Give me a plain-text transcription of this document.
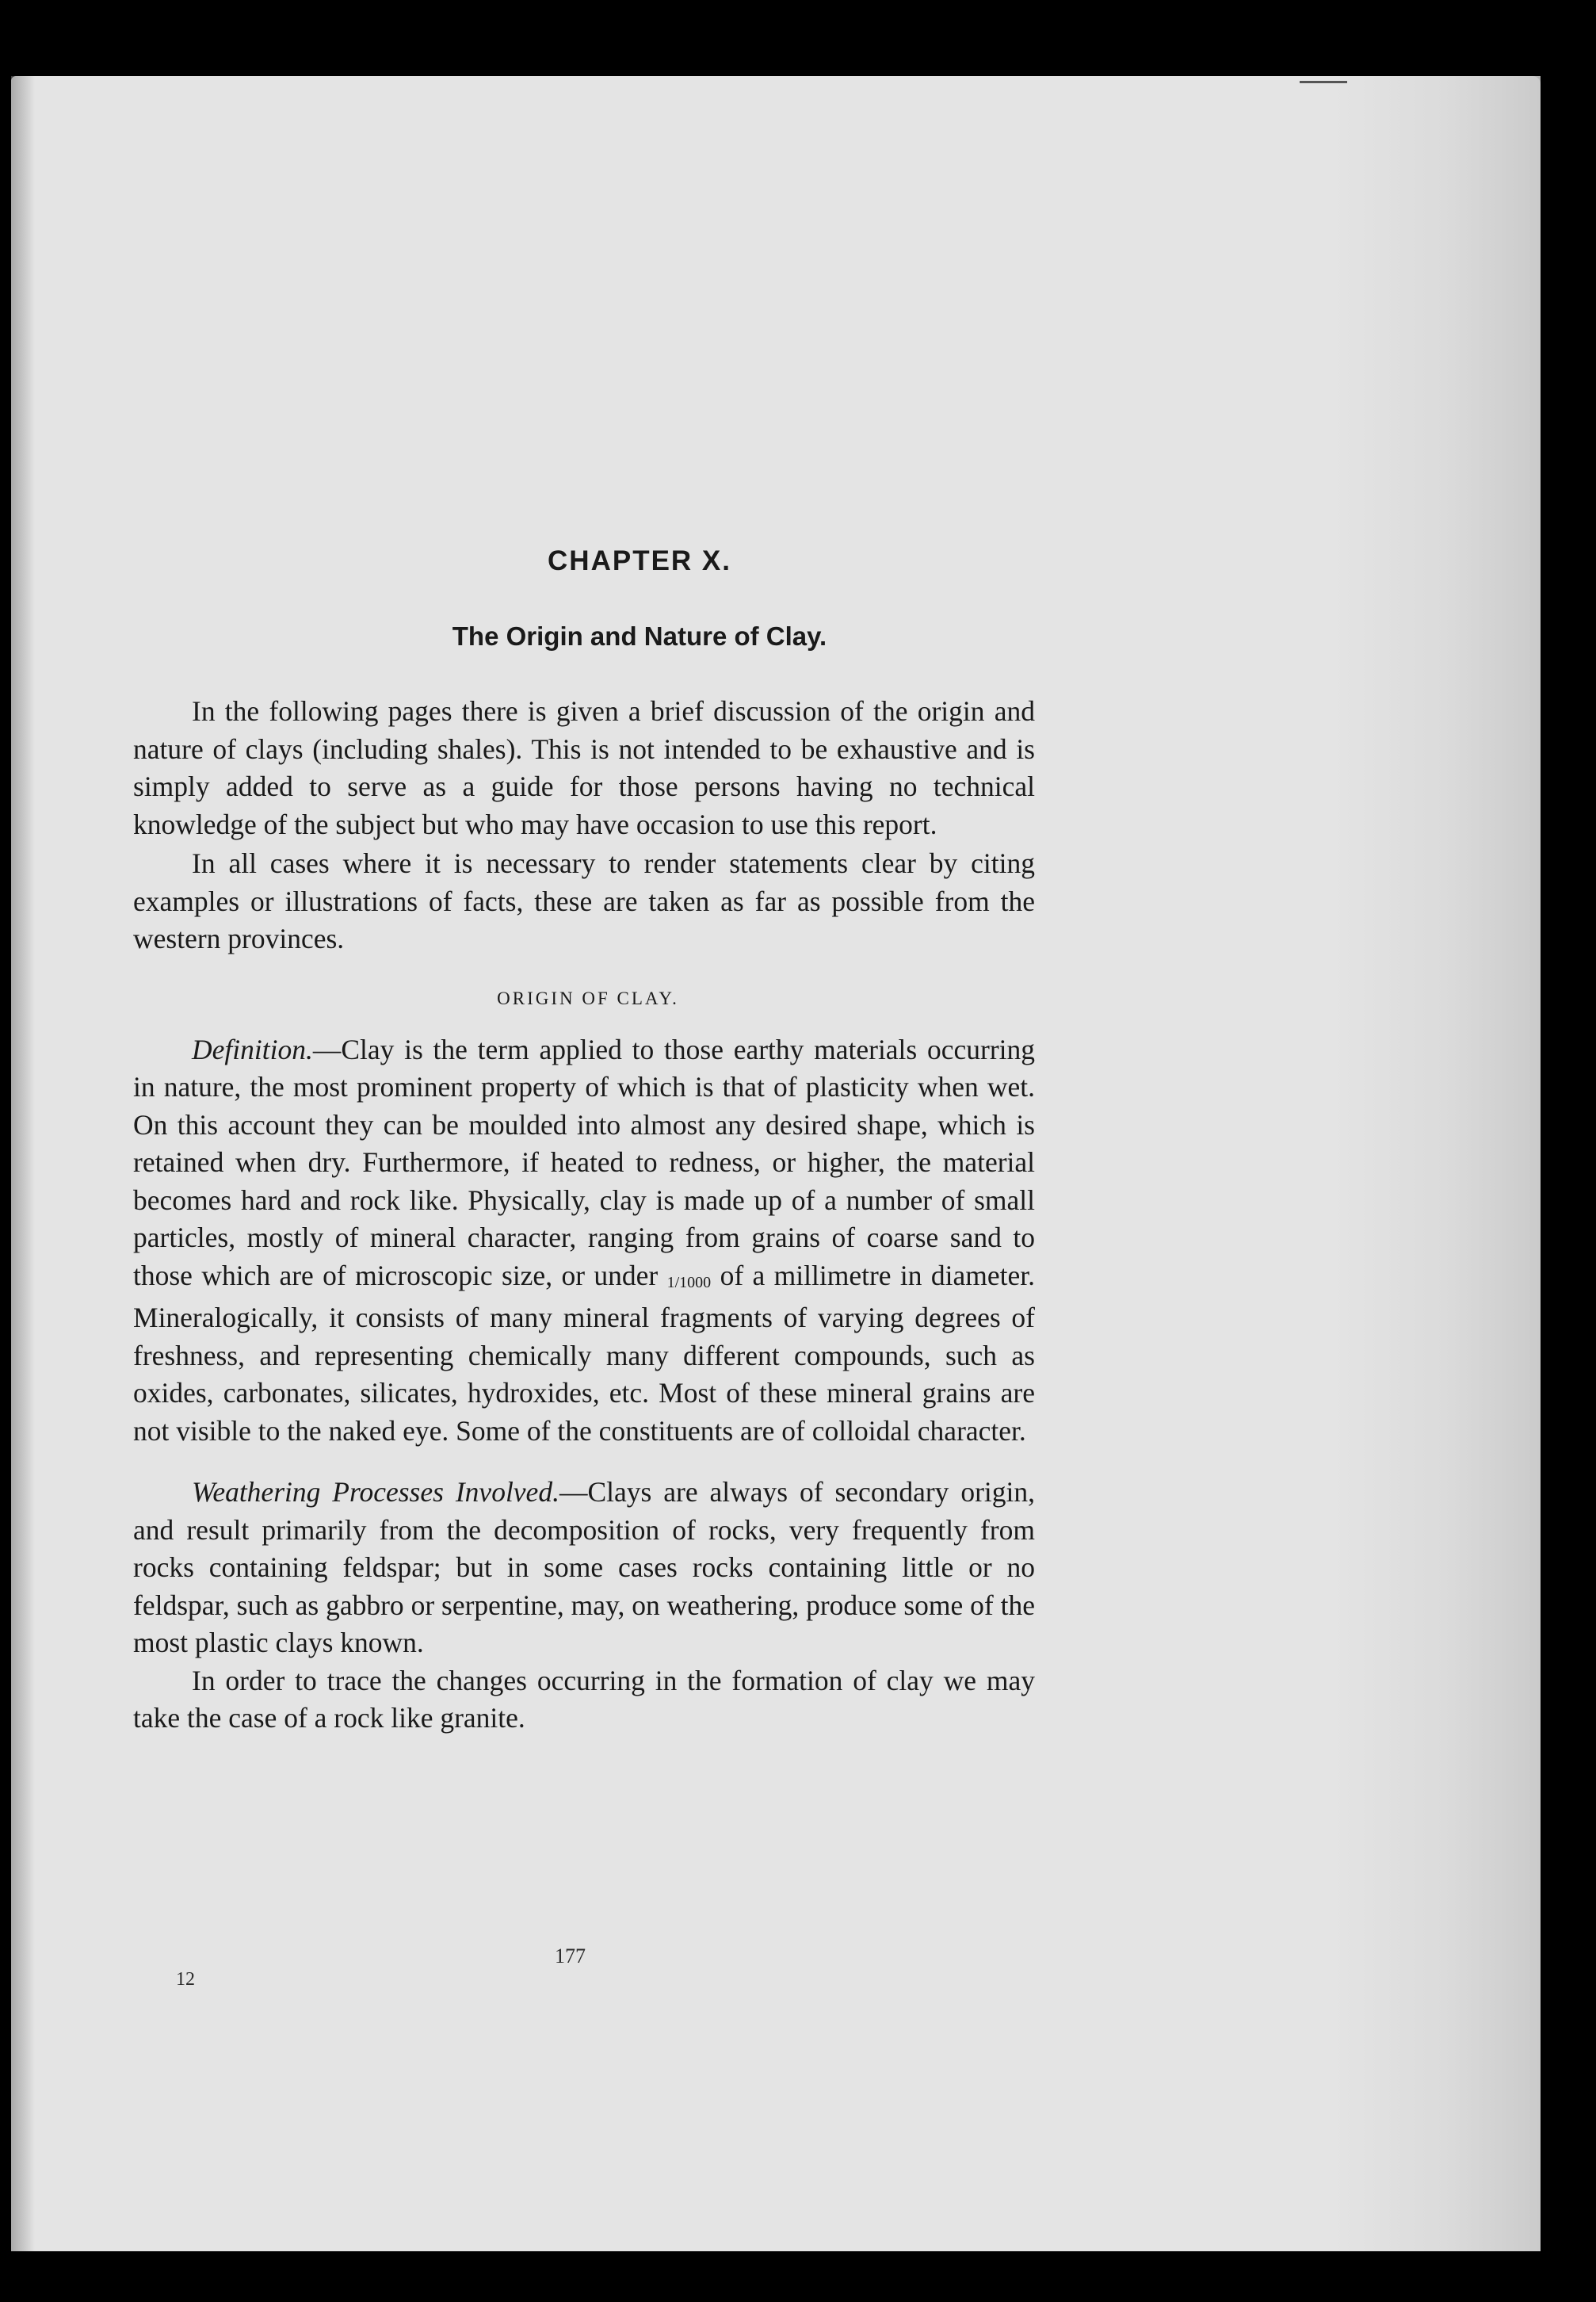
CHAPTER X.
The Origin and Nature of Clay.

In the following pages there is given a brief discussion of the origin and nature of clays (including shales). This is not intended to be exhaustive and is simply added to serve as a guide for those persons having no technical knowledge of the subject but who may have occasion to use this report.

In all cases where it is necessary to render statements clear by citing examples or illustrations of facts, these are taken as far as possible from the western provinces.

ORIGIN OF CLAY.

Definition.—Clay is the term applied to those earthy materials occurring in nature, the most prominent property of which is that of plasticity when wet. On this account they can be moulded into almost any desired shape, which is retained when dry. Furthermore, if heated to redness, or higher, the material becomes hard and rock like. Physically, clay is made up of a number of small particles, mostly of mineral character, ranging from grains of coarse sand to those which are of microscopic size, or under 1/1000 of a millimetre in diameter. Mineralogically, it consists of many mineral fragments of varying degrees of freshness, and representing chemically many different compounds, such as oxides, carbonates, silicates, hydroxides, etc. Most of these mineral grains are not visible to the naked eye. Some of the constituents are of colloidal character.

Weathering Processes Involved.—Clays are always of secondary origin, and result primarily from the decomposition of rocks, very frequently from rocks containing feldspar; but in some cases rocks containing little or no feldspar, such as gabbro or serpentine, may, on weathering, produce some of the most plastic clays known.

In order to trace the changes occurring in the formation of clay we may take the case of a rock like granite.

177
12
